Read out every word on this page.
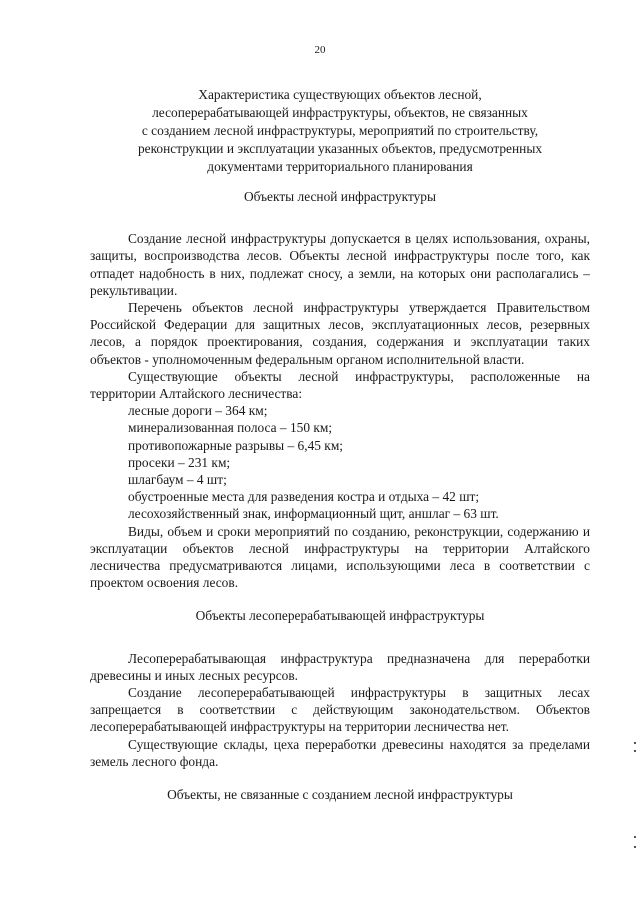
20
Характеристика существующих объектов лесной,
лесоперерабатывающей инфраструктуры, объектов, не связанных
с созданием лесной инфраструктуры, мероприятий по строительству,
реконструкции и эксплуатации указанных объектов, предусмотренных
документами территориального планирования
Объекты лесной инфраструктуры

Создание лесной инфраструктуры допускается в целях использования, охраны, защиты, воспроизводства лесов. Объекты лесной инфраструктуры после того, как отпадет надобность в них, подлежат сносу, а земли, на которых они располагались – рекультивации.

Перечень объектов лесной инфраструктуры утверждается Правительством Российской Федерации для защитных лесов, эксплуатационных лесов, резервных лесов, а порядок проектирования, создания, содержания и эксплуатации таких объектов - уполномоченным федеральным органом исполнительной власти.

Существующие объекты лесной инфраструктуры, расположенные на территории Алтайского лесничества:

лесные дороги – 364 км;
минерализованная полоса – 150 км;
противопожарные разрывы – 6,45 км;
просеки – 231 км;
шлагбаум – 4 шт;
обустроенные места для разведения костра и отдыха – 42 шт;
лесохозяйственный знак, информационный щит, аншлаг – 63 шт.

Виды, объем и сроки мероприятий по созданию, реконструкции, содержанию и эксплуатации объектов лесной инфраструктуры на территории Алтайского лесничества предусматриваются лицами, использующими леса в соответствии с проектом освоения лесов.

Объекты лесоперерабатывающей инфраструктуры

Лесоперерабатывающая инфраструктура предназначена для переработки древесины и иных лесных ресурсов.

Создание лесоперерабатывающей инфраструктуры в защитных лесах запрещается в соответствии с действующим законодательством. Объектов лесоперерабатывающей инфраструктуры на территории лесничества нет.

Существующие склады, цеха переработки древесины находятся за пределами земель лесного фонда.

Объекты, не связанные с созданием лесной инфраструктуры
